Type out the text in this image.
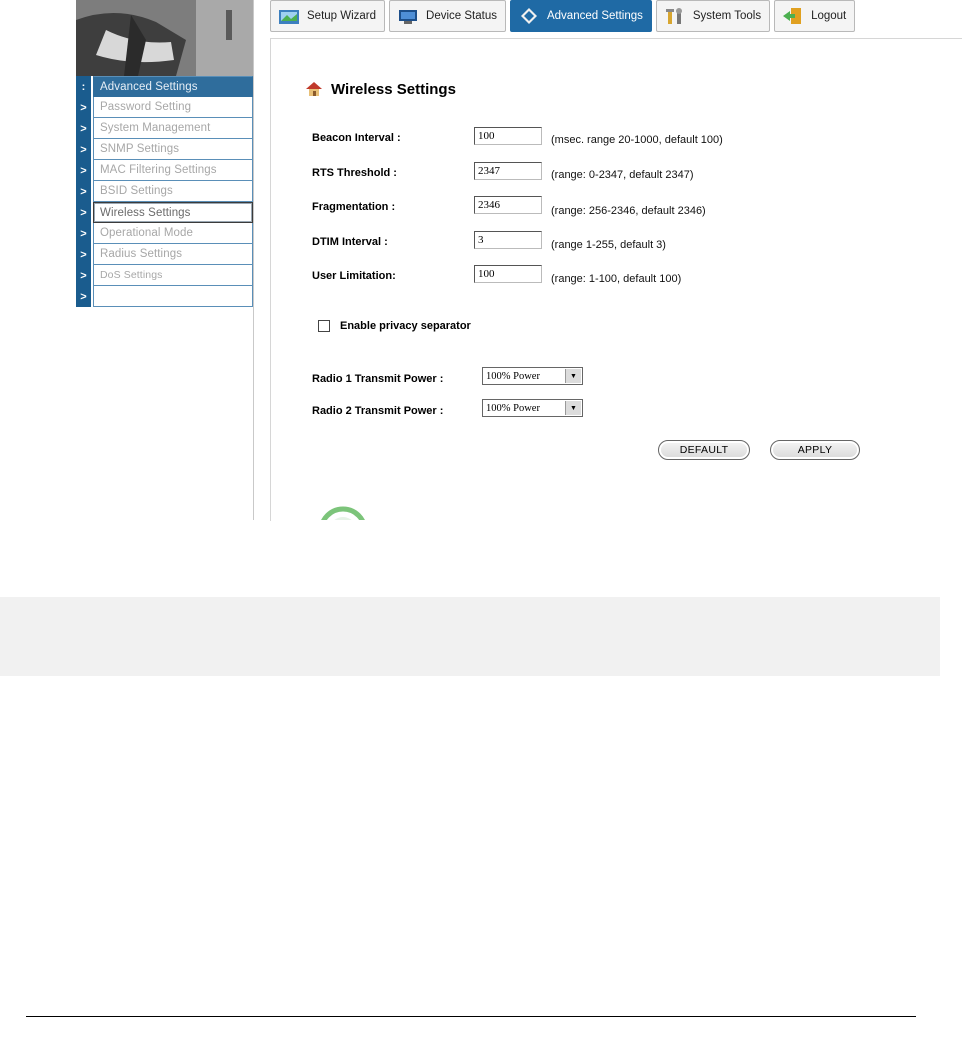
:	Advanced Settings
>	Password Setting
>	System Management
>	SNMP Settings
>	MAC Filtering Settings
>	BSID Settings
>	Wireless Settings
>	Operational Mode
>	Radius Settings
>	DoS Settings
>
Setup Wizard	Device Status	Advanced Settings	System Tools	Logout
Wireless Settings
Beacon Interval :
100	(msec. range 20-1000, default 100)
RTS Threshold :
2347	(range: 0-2347, default 2347)
Fragmentation :
2346	(range: 256-2346, default 2346)
DTIM Interval :
3	(range 1-255, default 3)
User Limitation:
100	(range: 1-100, default 100)
Enable privacy separator
Radio 1 Transmit Power :	100% Power	▼
Radio 2 Transmit Power :	100% Power	▼
DEFAULT	APPLY
